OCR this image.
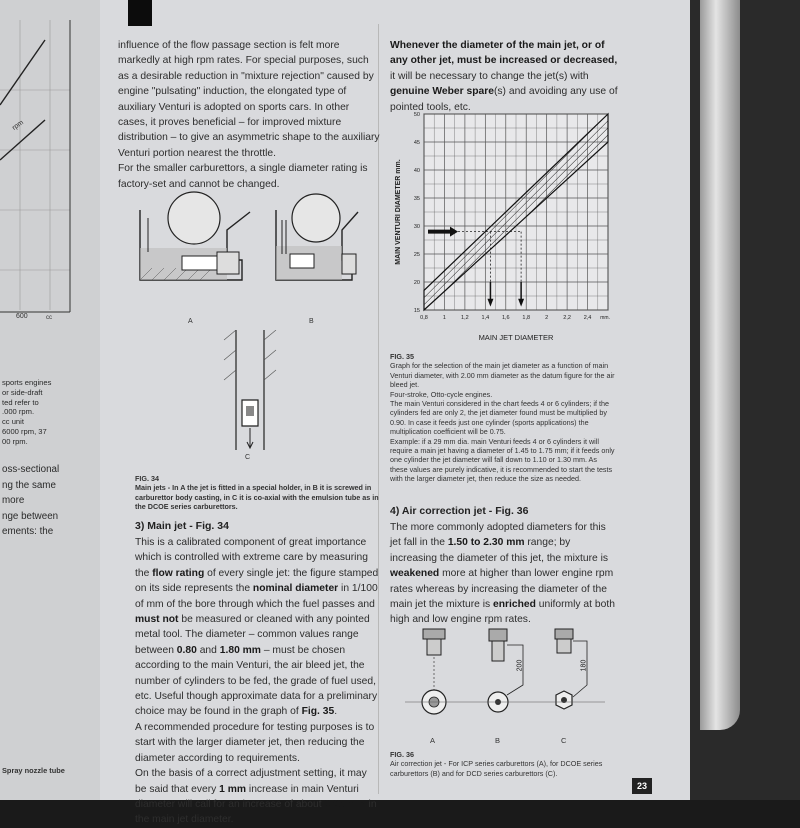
rpm
600	cc
sports engines
or side-draft
ted refer to
.000 rpm.
cc unit
6000 rpm, 37
00 rpm.
oss-sectional
ng the same
more
nge between
ements: the
Spray nozzle tube

influence of the flow passage section is felt more markedly at high rpm rates. For special purposes, such as a desirable reduction in "mixture rejection" caused by engine "pulsating" induction, the elongated type of auxiliary Venturi is adopted on sports cars. In other cases, it proves beneficial – for improved mixture distribution – to give an asymmetric shape to the auxiliary Venturi portion nearest the throttle.

For the smaller carburettors, a single diameter rating is factory-set and cannot be changed.

A	B
C

FIG. 34

Main jets - In A the jet is fitted in a special holder, in B it is screwed in carburettor body casting, in C it is co-axial with the emulsion tube as in the DCOE series carburettors.

3) Main jet - Fig. 34

This is a calibrated component of great importance which is controlled with extreme care by measuring the flow rating of every single jet: the figure stamped on its side represents the nominal diameter in 1/100 of mm of the bore through which the fuel passes and must not be measured or cleaned with any pointed metal tool. The diameter – common values range between 0.80 and 1.80 mm – must be chosen according to the main Venturi, the air bleed jet, the number of cylinders to be fed, the grade of fuel used, etc. Useful though approximate data for a preliminary choice may be found in the graph of Fig. 35.

A recommended procedure for testing purposes is to start with the larger diameter jet, then reducing the diameter according to requirements.

On the basis of a correct adjustment setting, it may be said that every 1 mm increase in main Venturi diameter will call for an increase of about 0.05 mm in the main jet diameter.

Whenever the diameter of the main jet, or of any other jet, must be increased or decreased, it will be necessary to change the jet(s) with genuine Weber spare(s) and avoiding any use of pointed tools, etc.

15
20
25
30
35
40
45
50
0,8	1	1,2 1,4 1,6 1,8	2	2,2 2,4 mm.
MAIN JET DIAMETER
MAIN VENTURI DIAMETER mm.

FIG. 35

Graph for the selection of the main jet diameter as a function of main Venturi diameter, with 2.00 mm diameter as the datum figure for the air bleed jet.

Four-stroke, Otto-cycle engines.

The main Venturi considered in the chart feeds 4 or 6 cylinders; if the cylinders fed are only 2, the jet diameter found must be multiplied by 0.90. In case it feeds just one cylinder (sports applications) the multiplication coefficient will be 0.75.

Example: if a 29 mm dia. main Venturi feeds 4 or 6 cylinders it will require a main jet having a diameter of 1.45 to 1.75 mm; if it feeds only one cylinder the jet diameter will fall down to 1.10 or 1.30 mm. As these values are purely indicative, it is recommended to start the tests with the larger diameter jet, then reduce the size as needed.

4) Air correction jet - Fig. 36

The more commonly adopted diameters for this jet fall in the 1.50 to 2.30 mm range; by increasing the diameter of this jet, the mixture is weakened more at higher than lower engine rpm rates whereas by increasing the diameter of the main jet the mixture is enriched uniformly at both high and low engine rpm rates.

200	180
A	B	C

FIG. 36

Air correction jet - For ICP series carburettors (A), for DCOE series carburettors (B) and for DCD series carburettors (C).

23
